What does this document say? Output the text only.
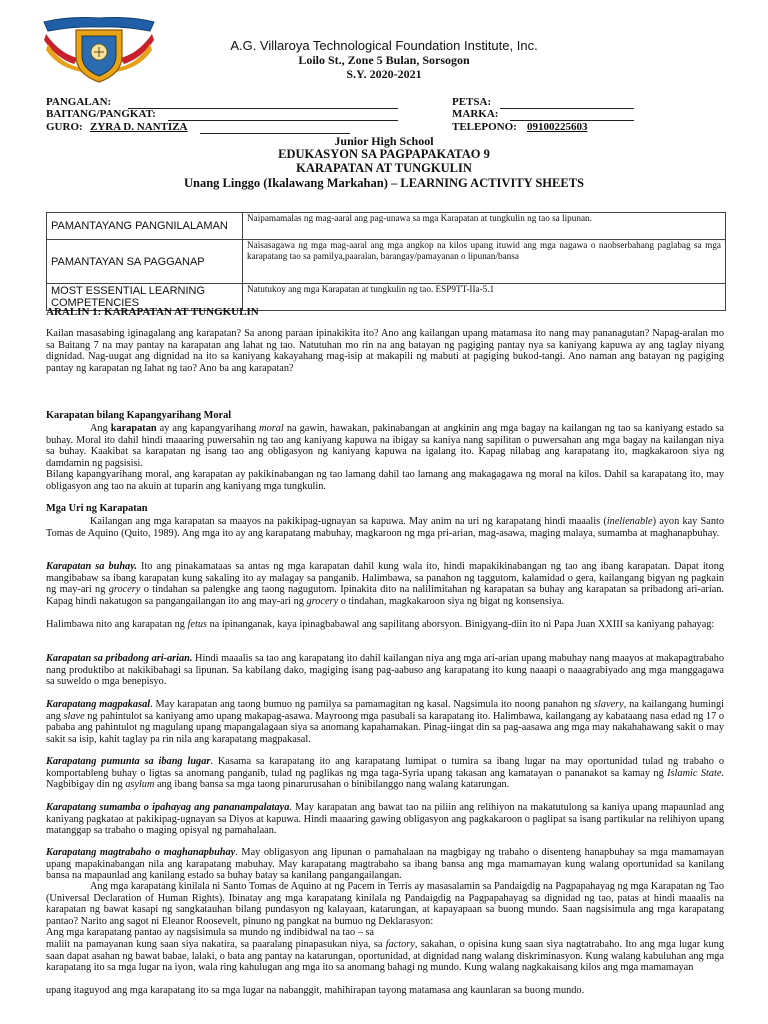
A.G. Villaroya Technological Foundation Institute, Inc.
Loilo St., Zone 5 Bulan, Sorsogon
S.Y. 2020-2021
PANGALAN:
BAITANG/PANGKAT:
GURO: ZYRA D. NANTIZA
PETSA:
MARKA:
TELEPONO: 09100225603
Junior High School
EDUKASYON SA PAGPAPAKATAO 9
KARAPATAN AT TUNGKULIN
Unang Linggo (Ikalawang Markahan) – LEARNING ACTIVITY SHEETS
PAMANTAYANG PANGNILALAMAN	Naipamamalas ng mag-aaral ang pag-unawa sa mga Karapatan at tungkulin ng tao sa lipunan.
PAMANTAYAN SA PAGGANAP	Naisasagawa ng mga mag-aaral ang mga angkop na kilos upang ituwid ang mga nagawa o naobserbahang paglabag sa mga karapatang tao sa pamilya,paaralan, barangay/pamayanan o lipunan/bansa
MOST ESSENTIAL LEARNING COMPETENCIES	Natutukoy ang mga Karapatan at tungkulin ng tao. ESP9TT-IIa-5.1
ARALIN 1: KARAPATAN AT TUNGKULIN

Kailan masasabing iginagalang ang karapatan? Sa anong paraan ipinakikita ito? Ano ang kailangan upang matamasa ito nang may pananagutan? Napag-aralan mo sa Baitang 7 na may pantay na karapatan ang lahat ng tao. Natutuhan mo rin na ang batayan ng pagiging pantay nya sa kaniyang kapuwa ay ang taglay niyang dignidad. Nag-uugat ang dignidad na ito sa kaniyang kakayahang mag-isip at makapili ng mabuti at pagiging bukod-tangi. Ano naman ang batayan ng pagiging pantay ng karapatan ng lahat ng tao? Ano ba ang karapatan?

Karapatan bilang Kapangyarihang Moral

Ang karapatan ay ang kapangyarihang moral na gawin, hawakan, pakinabangan at angkinin ang mga bagay na kailangan ng tao sa kaniyang estado sa buhay. Moral ito dahil hindi maaaring puwersahin ng tao ang kaniyang kapuwa na ibigay sa kaniya nang sapilitan o puwersahan ang mga bagay na kailangan niya sa buhay. Kaakibat sa karapatan ng isang tao ang obligasyon ng kaniyang kapuwa na igalang ito. Kapag nilabag ang karapatang ito, magkakaroon siya ng damdamin ng pagsisisi.

Bilang kapangyarihang moral, ang karapatan ay pakikinabangan ng tao lamang dahil tao lamang ang makagagawa ng moral na kilos. Dahil sa karapatang ito, may obligasyon ang tao na akuin at tuparin ang kaniyang mga tungkulin.

Mga Uri ng Karapatan

Kailangan ang mga karapatan sa maayos na pakikipag-ugnayan sa kapuwa. May anim na uri ng karapatang hindi maaalis (inelienable) ayon kay Santo Tomas de Aquino (Quito, 1989). Ang mga ito ay ang karapatang mabuhay, magkaroon ng mga pri-arian, mag-asawa, maging malaya, sumamba at maghanapbuhay.

Karapatan sa buhay. Ito ang pinakamataas sa antas ng mga karapatan dahil kung wala ito, hindi mapakikinabangan ng tao ang ibang karapatan. Dapat itong mangibabaw sa ibang karapatan kung sakaling ito ay malagay sa panganib. Halimbawa, sa panahon ng taggutom, kalamidad o gera, kailangang bigyan ng pagkain ng may-ari ng grocery o tindahan sa palengke ang taong nagugutom. Ipinakita dito na nalilimitahan ng karapatan sa buhay ang karapatan sa pribadong ari-arian. Kapag hindi nakatugon sa pangangailangan ito ang may-ari ng grocery o tindahan, magkakaroon siya ng bigat ng konsensiya.

Halimbawa nito ang karapatan ng fetus na ipinanganak, kaya ipinagbabawal ang sapilitang aborsyon. Binigyang-diin ito ni Papa Juan XXIII sa kaniyang pahayag:

Karapatan sa pribadong ari-arian. Hindi maaalis sa tao ang karapatang ito dahil kailangan niya ang mga ari-arian upang mabuhay nang maayos at makapagtrabaho nang produktibo at nakikibahagi sa lipunan. Sa kabilang dako, magiging isang pag-aabuso ang karapatang ito kung naaapi o naaagrabiyado ang mga manggagawa sa suweldo o mga benepisyo.

Karapatang magpakasal. May karapatan ang taong bumuo ng pamilya sa pamamagitan ng kasal. Nagsimula ito noong panahon ng slavery, na kailangang humingi ang slave ng pahintulot sa kaniyang amo upang makapag-asawa. Mayroong mga pasubali sa karapatang ito. Halimbawa, kailangang ay kabataang nasa edad ng 17 o pababa ang pahintulot ng magulang upang mapangalagaan siya sa anomang kapahamakan. Pinag-iingat din sa pag-aasawa ang mga may nakahahawang sakit o may sakit sa isip, kahit taglay pa rin nila ang karapatang magpakasal.

Karapatang pumunta sa ibang lugar. Kasama sa karapatang ito ang karapatang lumipat o tumira sa ibang lugar na may oportunidad tulad ng trabaho o komportableng buhay o ligtas sa anomang panganib, tulad ng paglikas ng mga taga-Syria upang takasan ang kamatayan o pananakot sa kamay ng Islamic State. Nagbibigay din ng asylum ang ibang bansa sa mga taong pinarurusahan o binibilanggo nang walang katarungan.

Karapatang sumamba o ipahayag ang pananampalataya. May karapatan ang bawat tao na piliin ang relihiyon na makatutulong sa kaniya upang mapaunlad ang kaniyang pagkatao at pakikipag-ugnayan sa Diyos at kapuwa. Hindi maaaring gawing obligasyon ang pagkakaroon o paglipat sa isang partikular na relihiyon upang matanggap sa trabaho o maging opisyal ng pamahalaan.

Karapatang magtrabaho o maghanapbuhay. May obligasyon ang lipunan o pamahalaan na magbigay ng trabaho o disenteng hanapbuhay sa mga mamamayan upang mapakinabangan nila ang karapatang mabuhay. May karapatang magtrabaho sa ibang bansa ang mga mamamayan kung walang oportunidad sa kanilang bansa na mapaunlad ang kanilang estado sa buhay batay sa kanilang pangangailangan.

Ang mga karapatang kinilala ni Santo Tomas de Aquino at ng Pacem in Terris ay masasalamin sa Pandaigdig na Pagpapahayag ng mga Karapatan ng Tao (Universal Declaration of Human Rights). Ibinatay ang mga karapatang kinilala ng Pandaigdig na Pagpapahayag sa dignidad ng tao, patas at hindi maaalis na karapatan ng bawat kasapi ng sangkatauhan bilang pundasyon ng kalayaan, katarungan, at kapayapaan sa buong mundo. Saan nagsisimula ang mga karapatang pantao? Narito ang sagot ni Eleanor Roosevelt, pinuno ng pangkat na bumuo ng Deklarasyon:

Ang mga karapatang pantao ay nagsisimula sa mundo ng indibidwal na tao – sa

maliit na pamayanan kung saan siya nakatira, sa paaralang pinapasukan niya, sa factory, sakahan, o opisina kung saan siya nagtatrabaho. Ito ang mga lugar kung saan dapat asahan ng bawat babae, lalaki, o bata ang pantay na katarungan, oportunidad, at dignidad nang walang diskriminasyon. Kung walang kabuluhan ang mga karapatang ito sa mga lugar na iyon, wala ring kahulugan ang mga ito sa anomang bahagi ng mundo. Kung walang nagkakaisang kilos ang mga mamamayan

upang itaguyod ang mga karapatang ito sa mga lugar na nabanggit, mahihirapan tayong matamasa ang kaunlaran sa buong mundo.
